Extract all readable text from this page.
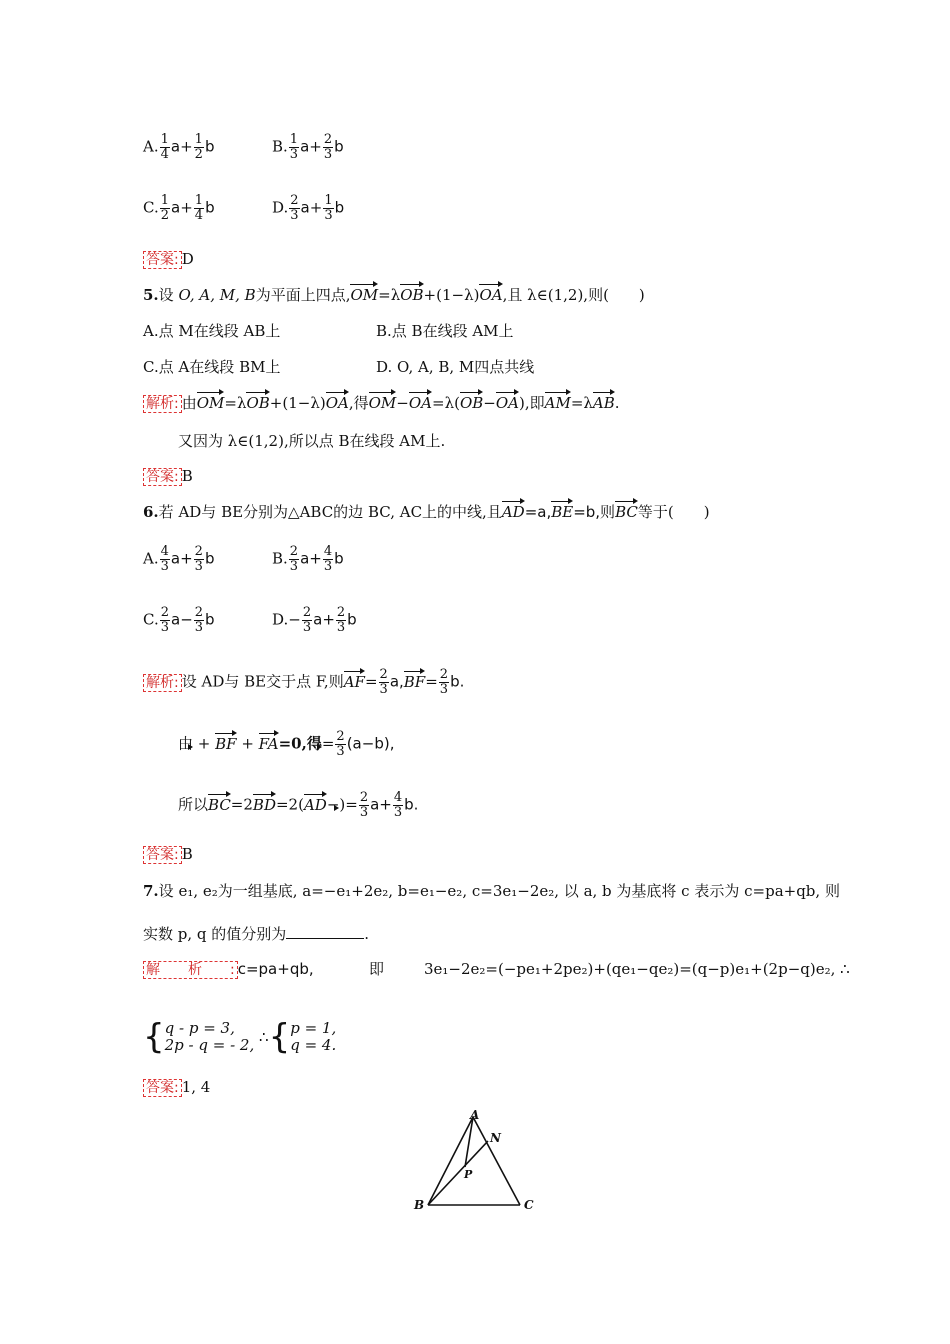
A. $\frac{1}{4} a+ \frac{1}{2}$ b	B. $\frac{1}{3} a+ \frac{2}{3}$ b
C. $\frac{1}{2} a+ \frac{1}{4}$ b	D. $\frac{2}{3} a+ \frac{1}{3}$ b
答案: D
5.设 O, A, M, B为平面上四点,OM=λOB+(1−λ)OA,且 λ∈(1,2),则(　　)
A.点 M在线段 AB上	B.点 B在线段 AM上
C.点 A在线段 BM上	D. O, A, B, M四点共线
解析: 由OM=λOB+(1−λ)OA,得OM−OA=λ(OB−OA),即AM=λAB.
又因为 λ∈(1,2),所以点 B在线段 AM上.
答案: B
6.若 AD与 BE分别为△ABC的边 BC, AC上的中线,且AD=a,BE=b,则BC等于(　　)
A. $\frac{4}{3} a+ \frac{2}{3}$ b	B. $\frac{2}{3} a+ \frac{4}{3}$ b
C. $\frac{2}{3} a- \frac{2}{3}$ b	$D.- \frac{2}{3} a+ \frac{2}{3}$ b
解析: 设 AD与 BE交于点 F,则$AF= \frac{2}{3} a,BF= \frac{2}{3} b$.
由 + BF + FA=0,得= $\frac{2}{3} (a-b)$,
所以$BC=2BD=2(AD-)= \frac{2}{3} a+ \frac{4}{3} b$.
答案: B
7.设 e₁, e₂为一组基底, a=−e₁+2e₂, b=e₁−e₂, c=3e₁−2e₂, 以 a, b 为基底将 c 表示为 c=pa+qb, 则
实数 p, q 的值分别为	.
解　　析　　: c=pa+qb,	即	3e₁−2e₂=(−pe₁+2pe₂)+(qe₁−qe₂)=(q−p)e₁+(2p−q)e₂, ∴
{ q - p = 3,
2p - q = - 2, ∴{ p = 1,
q = 4.
答案: 1, 4
A
B	C
N
P
